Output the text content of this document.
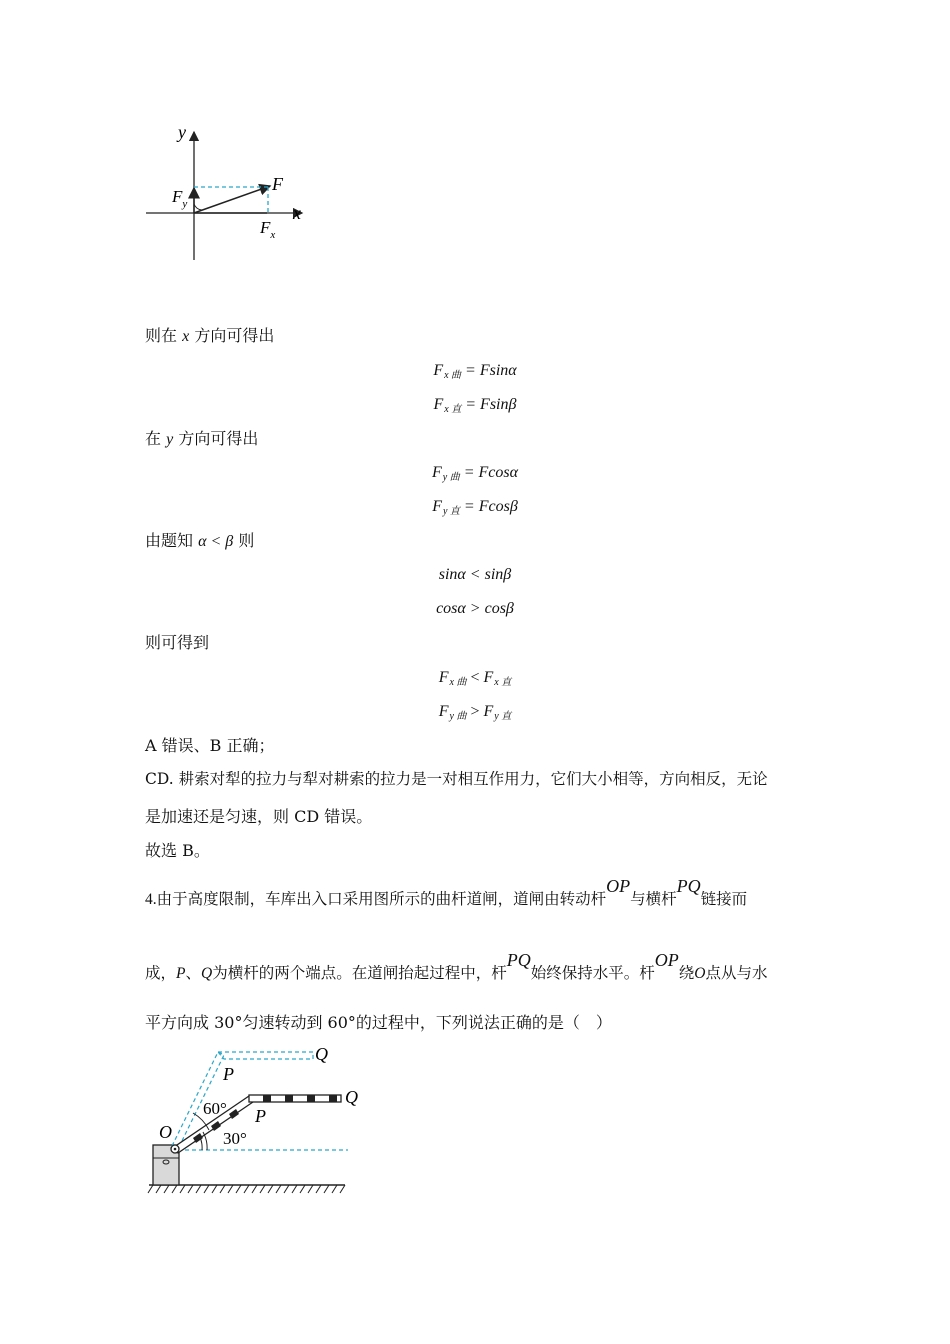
y
x
F
$F_y$
$F_x$
则在 x 方向可得出
Fx 曲 = Fsinα
Fx 直 = Fsinβ
在 y 方向可得出
Fy 曲 = Fcosα
Fy 直 = Fcosβ
由题知 α < β 则
sinα < sinβ
cosα > cosβ
则可得到
Fx 曲 < Fx 直
Fy 曲 > Fy 直
A 错误、B 正确；
CD. 耕索对犁的拉力与犁对耕索的拉力是一对相互作用力，它们大小相等，方向相反，无论
是加速还是匀速，则 CD 错误。
故选 B。
4.由于高度限制，车库出入口采用图所示的曲杆道闸，道闸由转动杆OP与横杆PQ链接而
成，P、Q为横杆的两个端点。在道闸抬起过程中，杆PQ始终保持水平。杆OP绕O点从与水
平方向成 30°匀速转动到 60°的过程中，下列说法正确的是（　）
Q
P
60°
Q
P
O	30°
